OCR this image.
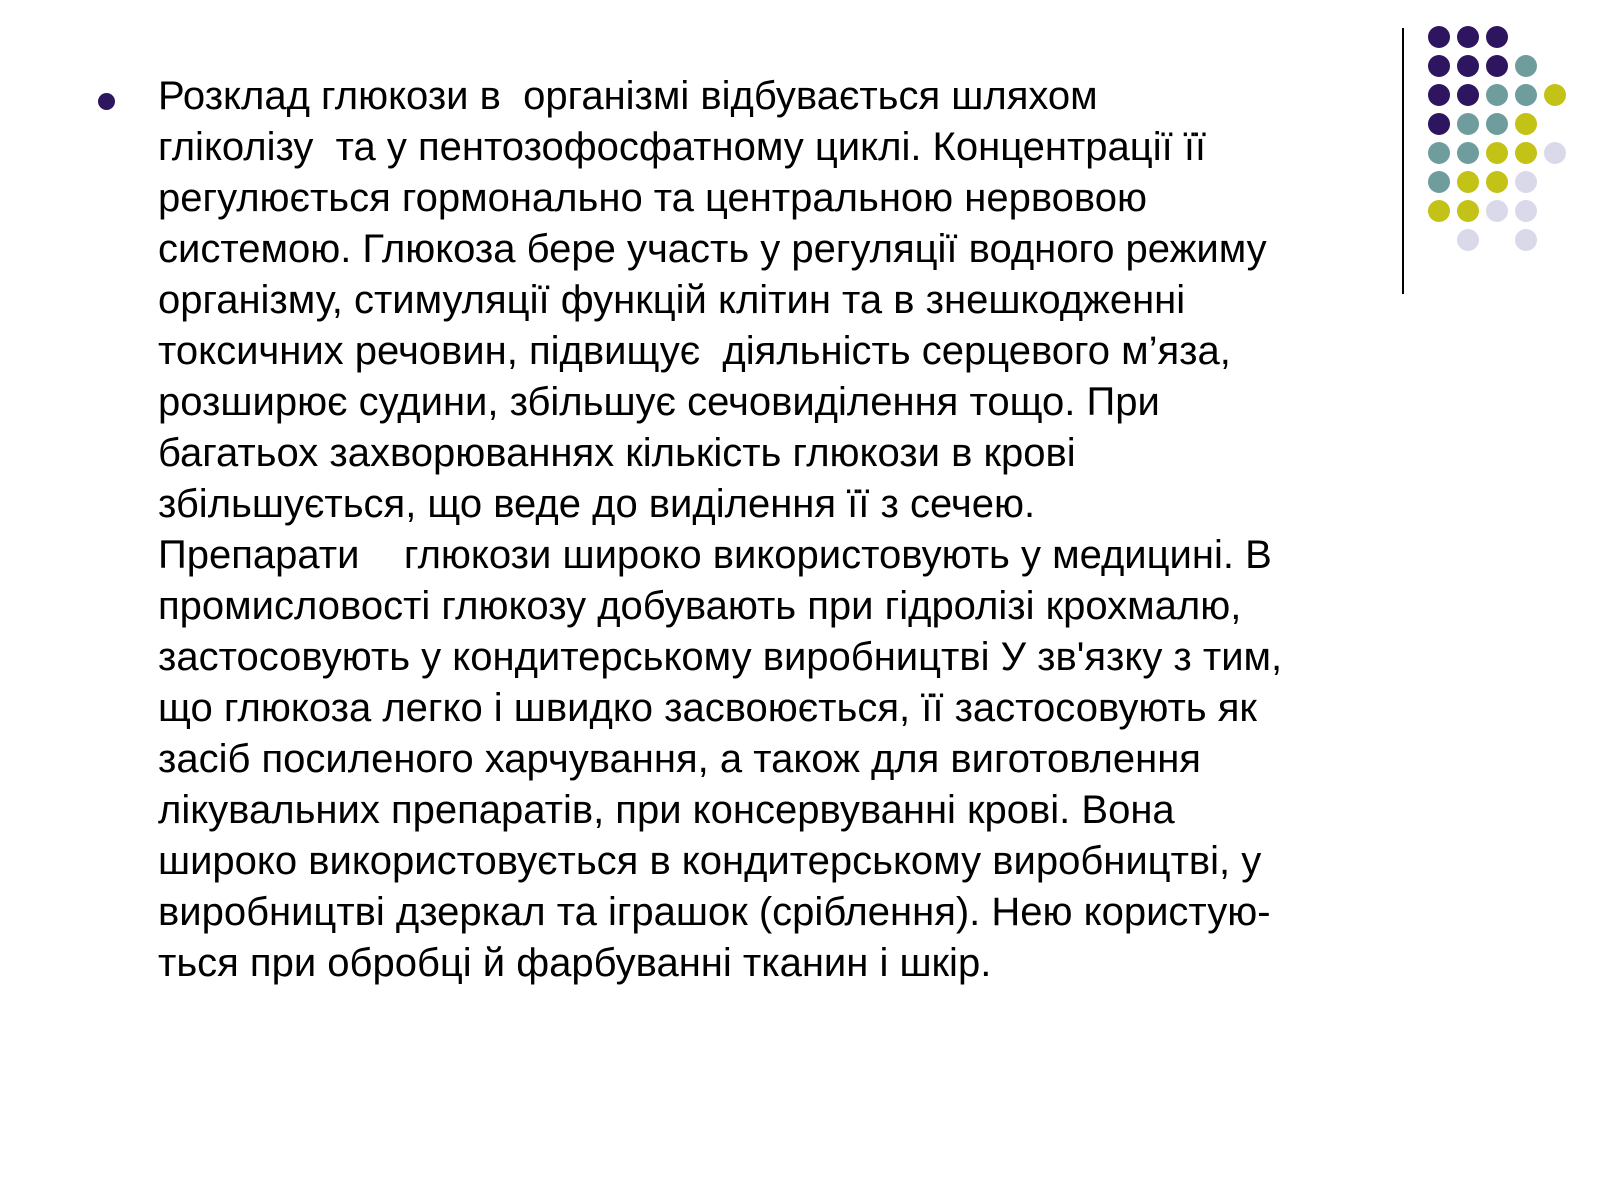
Розклад глюкози в  організмі відбувається шляхом
гліколізу  та у пентозофосфатному циклі. Концентрації її
регулюється гормонально та центральною нервовою
системою. Глюкоза бере участь у регуляції водного режиму
організму, стимуляції функцій клітин та в знешкодженні
токсичних речовин, підвищує  діяльність серцевого м’яза,
розширює судини, збільшує сечовиділення тощо. При
багатьох захворюваннях кількість глюкози в крові
збільшується, що веде до виділення її з сечею.
Препарати    глюкози широко використовують у медицині. В
промисловості глюкозу добувають при гідролізі крохмалю,
застосовують у кондитерському виробництві У зв'язку з тим,
що глюкоза легко і швидко засвоюється, її застосовують як
засіб посиленого харчування, а також для виготовлення
лікувальних препаратів, при консервуванні крові. Вона
широко використовується в кондитерському виробництві, у
виробництві дзеркал та іграшок (сріблення). Нею користую-
ться при обробці й фарбуванні тканин і шкір.
